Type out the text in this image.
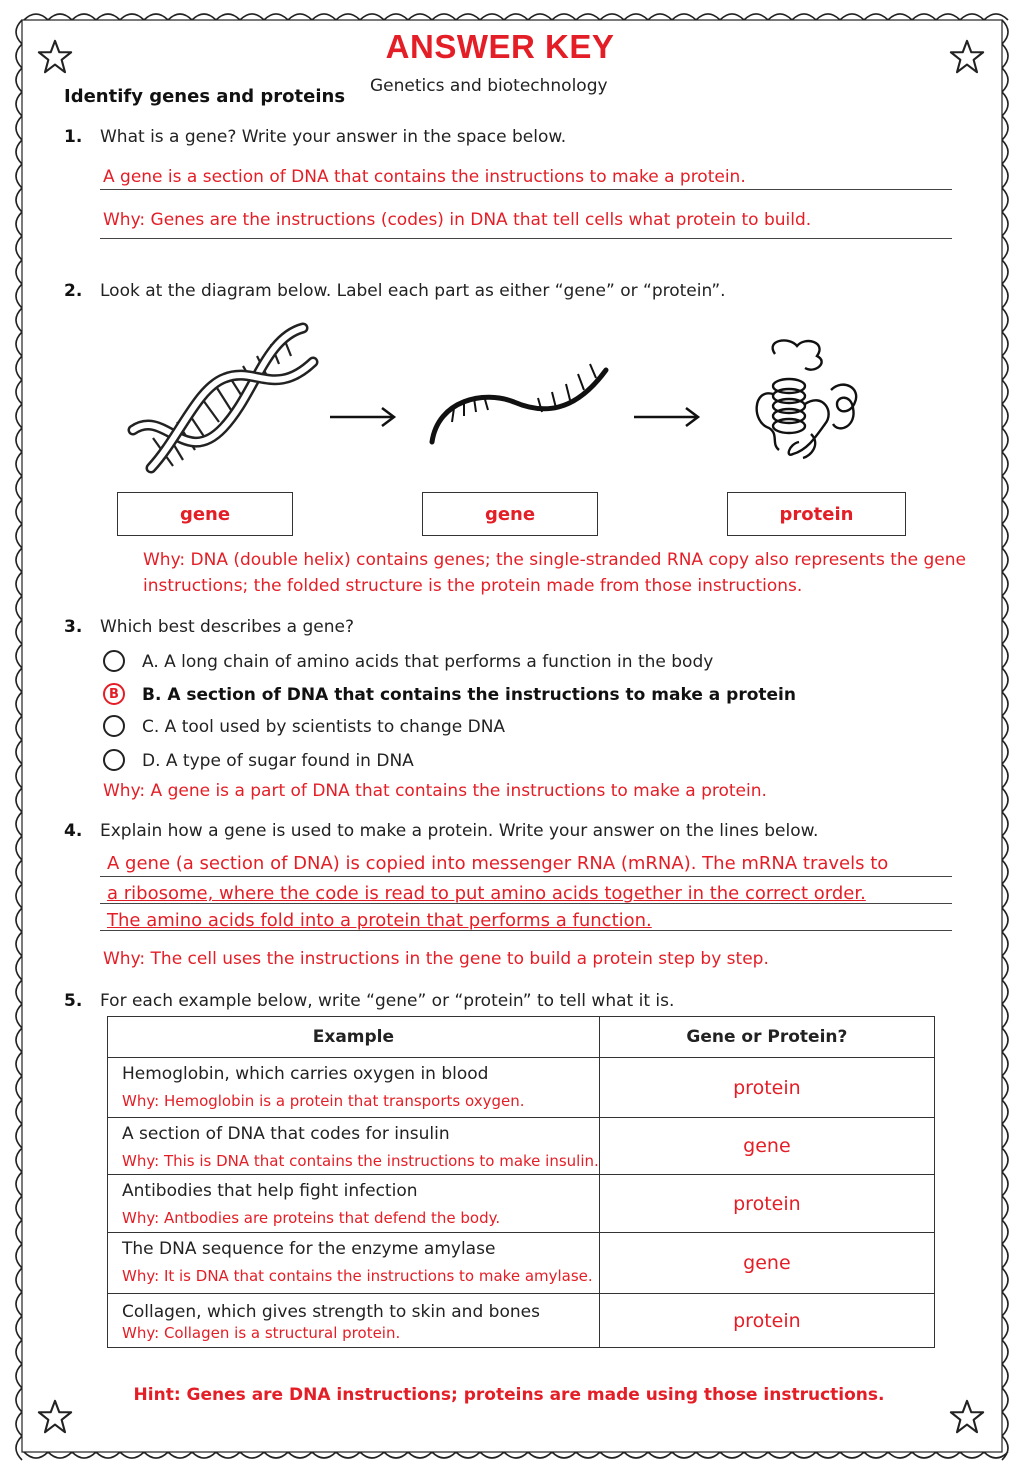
ANSWER KEY
Genetics and biotechnology
Identify genes and proteins
1. What is a gene? Write your answer in the space below.
A gene is a section of DNA that contains the instructions to make a protein.
Why: Genes are the instructions (codes) in DNA that tell cells what protein to build.
2. Look at the diagram below. Label each part as either “gene” or “protein”.
gene	gene	protein
Why: DNA (double helix) contains genes; the single-stranded RNA copy also represents the gene
instructions; the folded structure is the protein made from those instructions.
3. Which best describes a gene?
A. A long chain of amino acids that performs a function in the body
B	B. A section of DNA that contains the instructions to make a protein
C. A tool used by scientists to change DNA
D. A type of sugar found in DNA
Why: A gene is a part of DNA that contains the instructions to make a protein.
4. Explain how a gene is used to make a protein. Write your answer on the lines below.
A gene (a section of DNA) is copied into messenger RNA (mRNA). The mRNA travels to
a ribosome, where the code is read to put amino acids together in the correct order.
The amino acids fold into a protein that performs a function.
Why: The cell uses the instructions in the gene to build a protein step by step.
5. For each example below, write “gene” or “protein” to tell what it is.
Example	Gene or Protein?

Hemoglobin, which carries oxygen in blood
Why: Hemoglobin is a protein that transports oxygen.	protein

A section of DNA that codes for insulin
Why: This is DNA that contains the instructions to make insulin.	gene

Antibodies that help fight infection
Why: Antbodies are proteins that defend the body.	protein

The DNA sequence for the enzyme amylase
Why: It is DNA that contains the instructions to make amylase.	gene

Collagen, which gives strength to skin and bones
Why: Collagen is a structural protein.	protein
Hint: Genes are DNA instructions; proteins are made using those instructions.
